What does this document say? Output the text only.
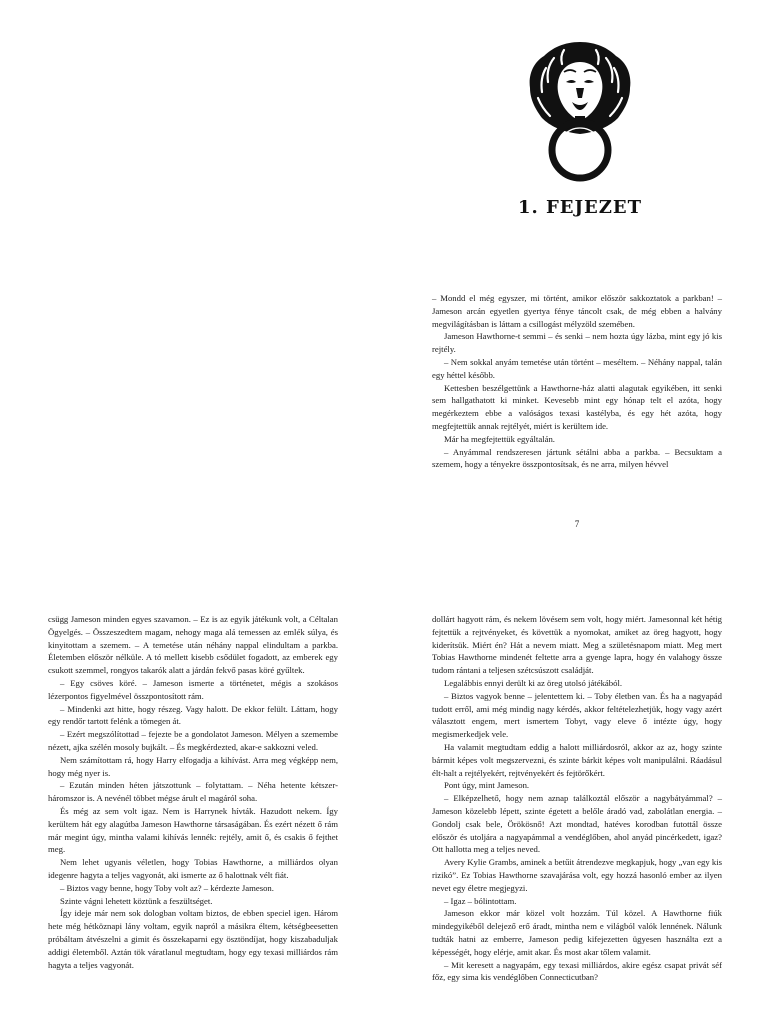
1. FEJEZET

– Mondd el még egyszer, mi történt, amikor először sakkoztatok a parkban! – Jameson arcán egyetlen gyertya fénye táncolt csak, de még ebben a halvány megvilágításban is láttam a csillogást mélyzöld szemében.

Jameson Hawthorne-t semmi – és senki – nem hozta úgy lázba, mint egy jó kis rejtély.

– Nem sokkal anyám temetése után történt – meséltem. – Néhány nappal, talán egy héttel később.

Kettesben beszélgettünk a Hawthorne-ház alatti alagutak egyikében, itt senki sem hallgathatott ki minket. Kevesebb mint egy hónap telt el azóta, hogy megérkeztem ebbe a valóságos texasi kastélyba, és egy hét azóta, hogy megfejtettük annak rejtélyét, miért is kerültem ide.

Már ha megfejtettük egyáltalán.

– Anyámmal rendszeresen jártunk sétálni abba a parkba. – Becsuktam a szemem, hogy a tényekre összpontosítsak, és ne arra, milyen hévvel

7

csügg Jameson minden egyes szavamon. – Ez is az egyik játékunk volt, a Céltalan Ögyelgés. – Összeszedtem magam, nehogy maga alá temessen az emlék súlya, és kinyitottam a szemem. – A temetése után néhány nappal elindultam a parkba. Életemben először nélküle. A tó mellett kisebb csődület fogadott, az emberek egy csukott szemmel, rongyos takarók alatt a járdán fekvő pasas köré gyűltek.

– Egy csöves köré. – Jameson ismerte a történetet, mégis a szokásos lézerpontos figyelmével összpontosított rám.

– Mindenki azt hitte, hogy részeg. Vagy halott. De ekkor felült. Láttam, hogy egy rendőr tartott felénk a tömegen át.

– Ezért megszólítottad – fejezte be a gondolatot Jameson. Mélyen a szemembe nézett, ajka szélén mosoly bujkált. – És megkérdezted, akar-e sakkozni veled.

Nem számítottam rá, hogy Harry elfogadja a kihívást. Arra meg végképp nem, hogy még nyer is.

– Ezután minden héten játszottunk – folytattam. – Néha hetente kétszer-háromszor is. A nevénél többet mégse árult el magáról soha.

És még az sem volt igaz. Nem is Harrynek hívták. Hazudott nekem. Így kerültem hát egy alagútba Jameson Hawthorne társaságában. És ezért nézett ő rám már megint úgy, mintha valami kihívás lennék: rejtély, amit ő, és csakis ő fejthet meg.

Nem lehet ugyanis véletlen, hogy Tobias Hawthorne, a milliárdos olyan idegenre hagyta a teljes vagyonát, aki ismerte az ő halottnak vélt fiát.

– Biztos vagy benne, hogy Toby volt az? – kérdezte Jameson.

Szinte vágni lehetett köztünk a feszültséget.

Így ideje már nem sok dologban voltam biztos, de ebben speciel igen. Három hete még hétköznapi lány voltam, egyik napról a másikra éltem, kétségbeesetten próbáltam átvészelni a gimit és összekaparni egy ösztöndíjat, hogy kiszabaduljak addigi életemből. Aztán tök váratlanul megtudtam, hogy egy texasi milliárdos rám hagyta a teljes vagyonát.

dollárt hagyott rám, és nekem lövésem sem volt, hogy miért. Jamesonnal két hétig fejtettük a rejtvényeket, és követtük a nyomokat, amiket az öreg hagyott, hogy kiderítsük. Miért én? Hát a nevem miatt. Meg a születésnapom miatt. Meg mert Tobias Hawthorne mindenét feltette arra a gyenge lapra, hogy én valahogy össze tudom rántani a teljesen szétcsúszott családját.

Legalábbis ennyi derült ki az öreg utolsó játékából.

– Biztos vagyok benne – jelentettem ki. – Toby életben van. És ha a nagyapád tudott erről, ami még mindig nagy kérdés, akkor feltételezhetjük, hogy vagy azért választott engem, mert ismertem Tobyt, vagy eleve ő intézte úgy, hogy megismerkedjek vele.

Ha valamit megtudtam eddig a halott milliárdosról, akkor az az, hogy szinte bármit képes volt megszervezni, és szinte bárkit képes volt manipulálni. Ráadásul élt-halt a rejtélyekért, rejtvényekért és fejtörőkért.

Pont úgy, mint Jameson.

– Elképzelhető, hogy nem aznap találkoztál először a nagybátyámmal? – Jameson közelebb lépett, szinte égetett a belőle áradó vad, zabolátlan energia. – Gondolj csak bele, Örökösnő! Azt mondtad, hatéves korodban futottál össze először és utoljára a nagyapámmal a vendéglőben, ahol anyád pincérkedett, igaz? Ott hallotta meg a teljes neved.

Avery Kylie Grambs, aminek a betűit átrendezve megkapjuk, hogy „van egy kis rizikó”. Ez Tobias Hawthorne szavajárása volt, egy hozzá hasonló ember az ilyen nevet egy életre megjegyzi.

– Igaz – bólintottam.

Jameson ekkor már közel volt hozzám. Túl közel. A Hawthorne fiúk mindegyikéből delejező erő áradt, mintha nem e világból valók lennének. Nálunk tudták hatni az emberre, Jameson pedig kifejezetten ügyesen használta ezt a képességét, hogy elérje, amit akar. És most akar tőlem valamit.

– Mit keresett a nagyapám, egy texasi milliárdos, akire egész csapat privát séf főz, egy sima kis vendéglőben Connecticutban?
